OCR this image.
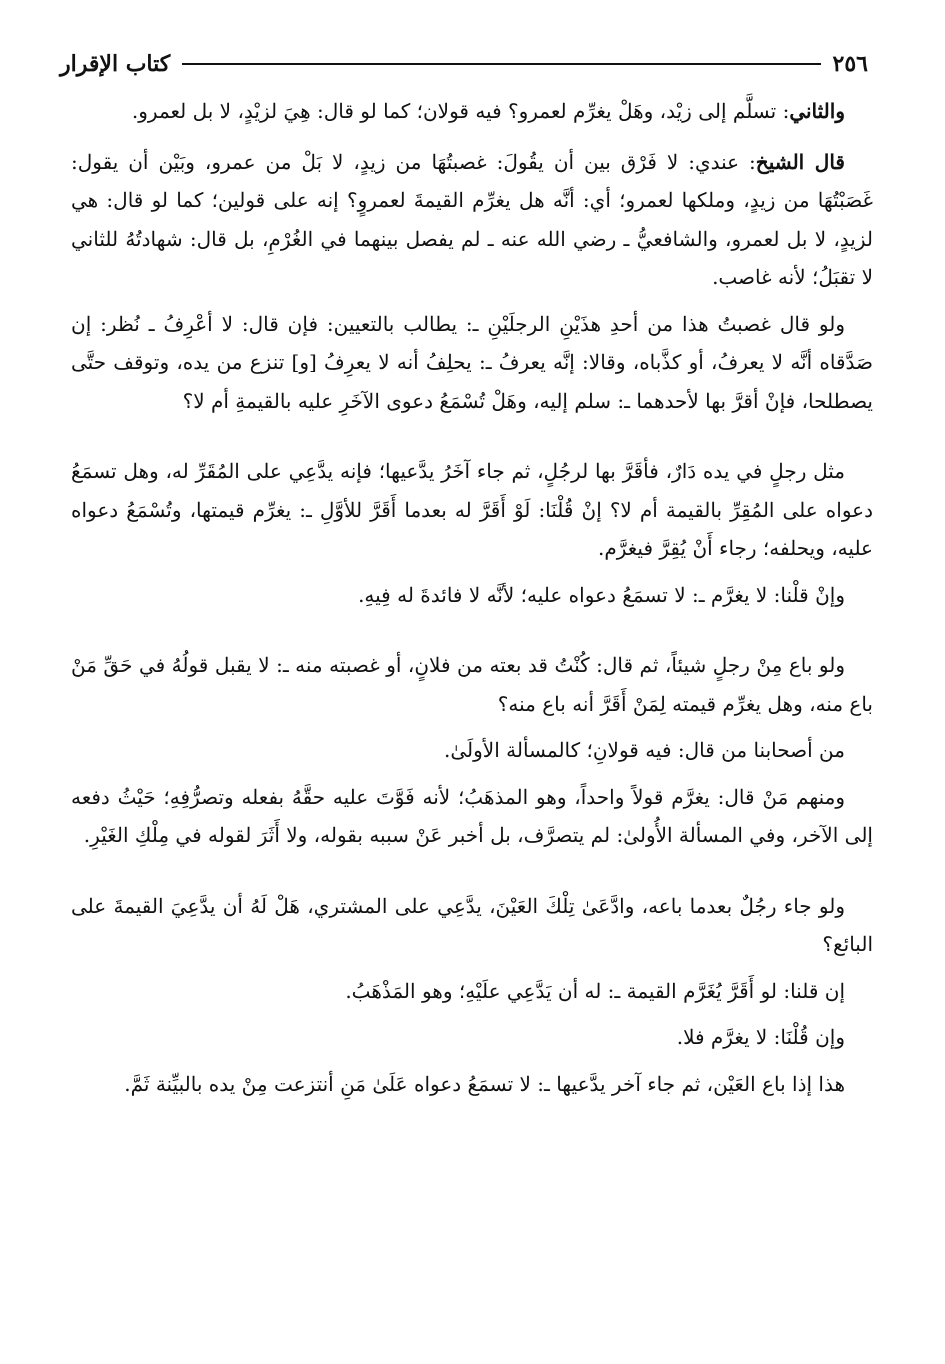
٢٥٦
كتاب الإقرار

والثاني: تسلَّم إلى زيْد، وهَلْ يغرِّم لعمرو؟ فيه قولان؛ كما لو قال: هِيَ لزيْدٍ، لا بل لعمرو.

قال الشيخ: عندي: لا فَرْق بين أن يقُولَ: غصبتُهَا من زيدٍ، لا بَلْ من عمرو، وبَيْن أن يقول: غَصَبْتُهَا من زيدٍ، وملكها لعمرو؛ أي: أنَّه هل يغرِّم القيمةَ لعمروٍ؟ إنه على قولين؛ كما لو قال: هي لزيدٍ، لا بل لعمرو، والشافعيُّ ـ رضي الله عنه ـ لم يفصل بينهما في الغُرْمِ، بل قال: شهادتُهُ للثاني لا تقبَلُ؛ لأنه غاصب.

ولو قال غصبتُ هذا من أحدِ هذَيْنِ الرجلَيْنِ ـ: يطالب بالتعيين: فإن قال: لا أعْرِفُ ـ نُظر: إن صَدَّقاه أنَّه لا يعرفُ، أو كذَّباه، وقالا: إنَّه يعرفُ ـ: يحلِفُ أنه لا يعرِفُ [و] تنزع من يده، وتوقف حتَّى يصطلحا، فإنْ أقرَّ بها لأحدهما ـ: سلم إليه، وهَلْ تُسْمَعُ دعوى الآخَرِ عليه بالقيمةِ أم لا؟

مثل رجلٍ في يده دَارٌ، فأقَرَّ بها لرجُلٍ، ثم جاء آخَرُ يدَّعيها؛ فإنه يدَّعِي على المُقَرِّ له، وهل تسمَعُ دعواه على المُقِرِّ بالقيمة أم لا؟ إنْ قُلْنَا: لَوْ أَقَرَّ له بعدما أَقَرَّ للأوَّلِ ـ: يغرِّم قيمتها، وتُسْمَعُ دعواه عليه، ويحلفه؛ رجاء أَنْ يُقِرَّ فيغرَّم.

وإنْ قلْنا: لا يغرَّم ـ: لا تسمَعُ دعواه عليه؛ لأنَّه لا فائدةَ له فِيهِ.

ولو باع مِنْ رجلٍ شيئاً، ثم قال: كُنْتُ قد بعته من فلانٍ، أو غصبته منه ـ: لا يقبل قولُهُ في حَقِّ مَنْ باع منه، وهل يغرِّم قيمته لِمَنْ أَقَرَّ أنه باع منه؟

من أصحابنا من قال: فيه قولانِ؛ كالمسألة الأولَىٰ.

ومنهم مَنْ قال: يغرَّم قولاً واحداً، وهو المذهَبُ؛ لأنه فَوَّتَ عليه حقَّهُ بفعله وتصرُّفِهِ؛ حَيْثُ دفعه إلى الآخر، وفي المسألة الأُولىٰ: لم يتصرَّف، بل أخبر عَنْ سببه بقوله، ولا أَثَرَ لقوله في مِلْكِ الغَيْرِ.

ولو جاء رجُلٌ بعدما باعه، وادَّعَىٰ تِلْكَ العَيْنَ، يدَّعِي على المشتري، هَلْ لَهُ أن يدَّعِيَ القيمةَ على البائع؟

إن قلنا: لو أَقَرَّ يُغَرَّم القيمة ـ: له أن يَدَّعِي علَيْهِ؛ وهو المَذْهَبُ.

وإن قُلْنَا: لا يغرَّم فلا.

هذا إذا باع العَيْن، ثم جاء آخر يدَّعيها ـ: لا تسمَعُ دعواه عَلَىٰ مَنِ أنتزعت مِنْ يده بالبيِّنة ثَمَّ.
